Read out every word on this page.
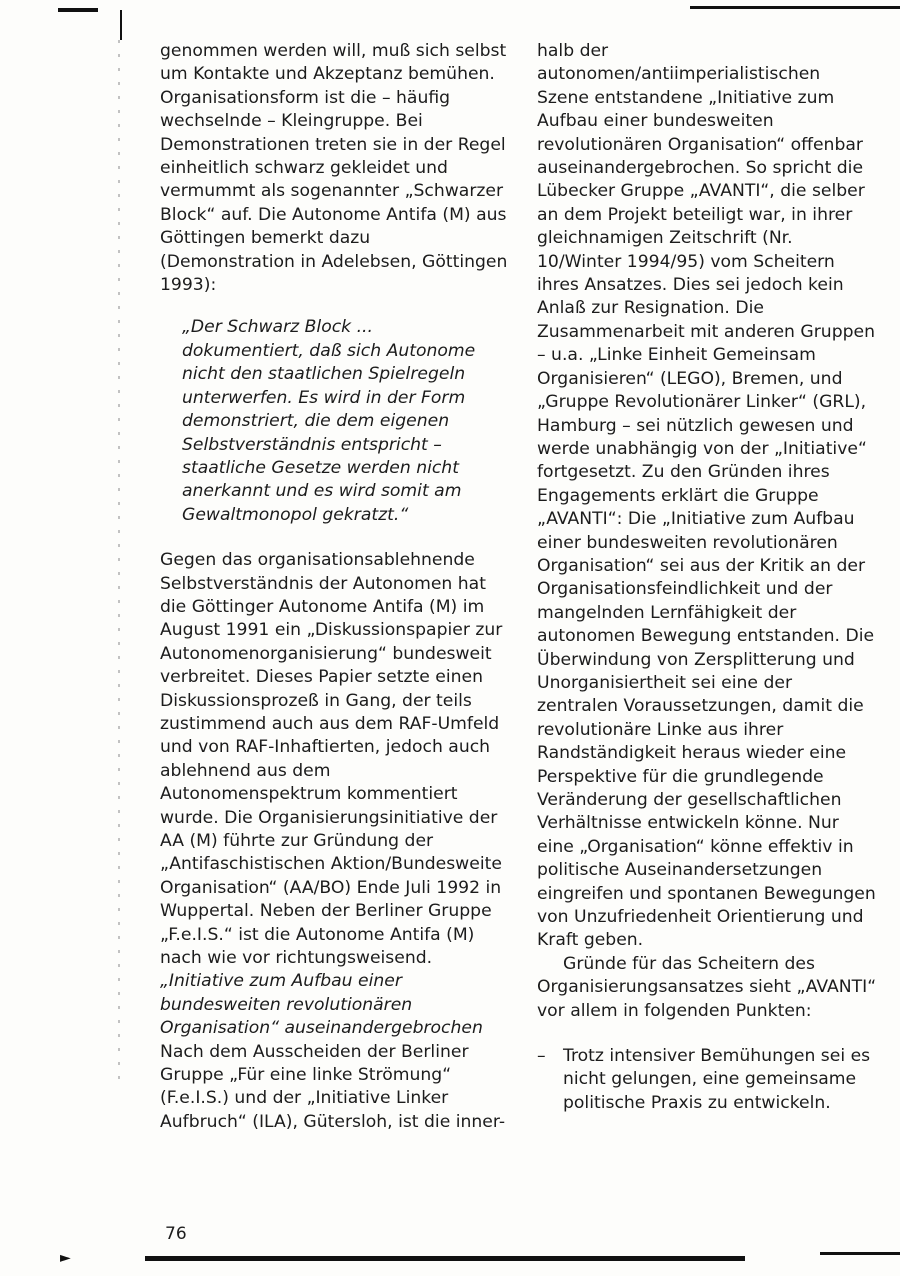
genommen werden will, muß sich selbst um Kontakte und Akzeptanz bemühen. Organisationsform ist die – häufig wechselnde – Kleingruppe. Bei Demonstrationen treten sie in der Regel einheitlich schwarz gekleidet und vermummt als sogenannter „Schwarzer Block“ auf. Die Autonome Antifa (M) aus Göttingen bemerkt dazu (Demonstration in Adelebsen, Göttingen 1993):

„Der Schwarz Block ... dokumentiert, daß sich Autonome nicht den staatlichen Spielregeln unterwerfen. Es wird in der Form demonstriert, die dem eigenen Selbstverständnis entspricht – staatliche Gesetze werden nicht anerkannt und es wird somit am Gewaltmonopol gekratzt.“

Gegen das organisationsablehnende Selbstverständnis der Autonomen hat die Göttinger Autonome Antifa (M) im August 1991 ein „Diskussionspapier zur Autonomenorganisierung“ bundesweit verbreitet. Dieses Papier setzte einen Diskussionsprozeß in Gang, der teils zustimmend auch aus dem RAF-Umfeld und von RAF-Inhaftierten, jedoch auch ablehnend aus dem Autonomenspektrum kommentiert wurde. Die Organisierungsinitiative der AA (M) führte zur Gründung der „Antifaschistischen Aktion/Bundesweite Organisation“ (AA/BO) Ende Juli 1992 in Wuppertal. Neben der Berliner Gruppe „F.e.I.S.“ ist die Autonome Antifa (M) nach wie vor richtungsweisend.

„Initiative zum Aufbau einer bundesweiten revolutionären Organisation“ auseinandergebrochen

Nach dem Ausscheiden der Berliner Gruppe „Für eine linke Strömung“ (F.e.I.S.) und der „Initiative Linker Aufbruch“ (ILA), Gütersloh, ist die inner-

halb der autonomen/antiimperialistischen Szene entstandene „Initiative zum Aufbau einer bundesweiten revolutionären Organisation“ offenbar auseinandergebrochen. So spricht die Lübecker Gruppe „AVANTI“, die selber an dem Projekt beteiligt war, in ihrer gleichnamigen Zeitschrift (Nr. 10/Winter 1994/95) vom Scheitern ihres Ansatzes. Dies sei jedoch kein Anlaß zur Resignation. Die Zusammenarbeit mit anderen Gruppen – u.a. „Linke Einheit Gemeinsam Organisieren“ (LEGO), Bremen, und „Gruppe Revolutionärer Linker“ (GRL), Hamburg – sei nützlich gewesen und werde unabhängig von der „Initiative“ fortgesetzt. Zu den Gründen ihres Engagements erklärt die Gruppe „AVANTI“: Die „Initiative zum Aufbau einer bundesweiten revolutionären Organisation“ sei aus der Kritik an der Organisationsfeindlichkeit und der mangelnden Lernfähigkeit der autonomen Bewegung entstanden. Die Überwindung von Zersplitterung und Unorganisiertheit sei eine der zentralen Voraussetzungen, damit die revolutionäre Linke aus ihrer Randständigkeit heraus wieder eine Perspektive für die grundlegende Veränderung der gesellschaftlichen Verhältnisse entwickeln könne. Nur eine „Organisation“ könne effektiv in politische Auseinandersetzungen eingreifen und spontanen Bewegungen von Unzufriedenheit Orientierung und Kraft geben.

Gründe für das Scheitern des Organisierungsansatzes sieht „AVANTI“ vor allem in folgenden Punkten:

–	Trotz intensiver Bemühungen sei es nicht gelungen, eine gemeinsame politische Praxis zu entwickeln.
76
►
